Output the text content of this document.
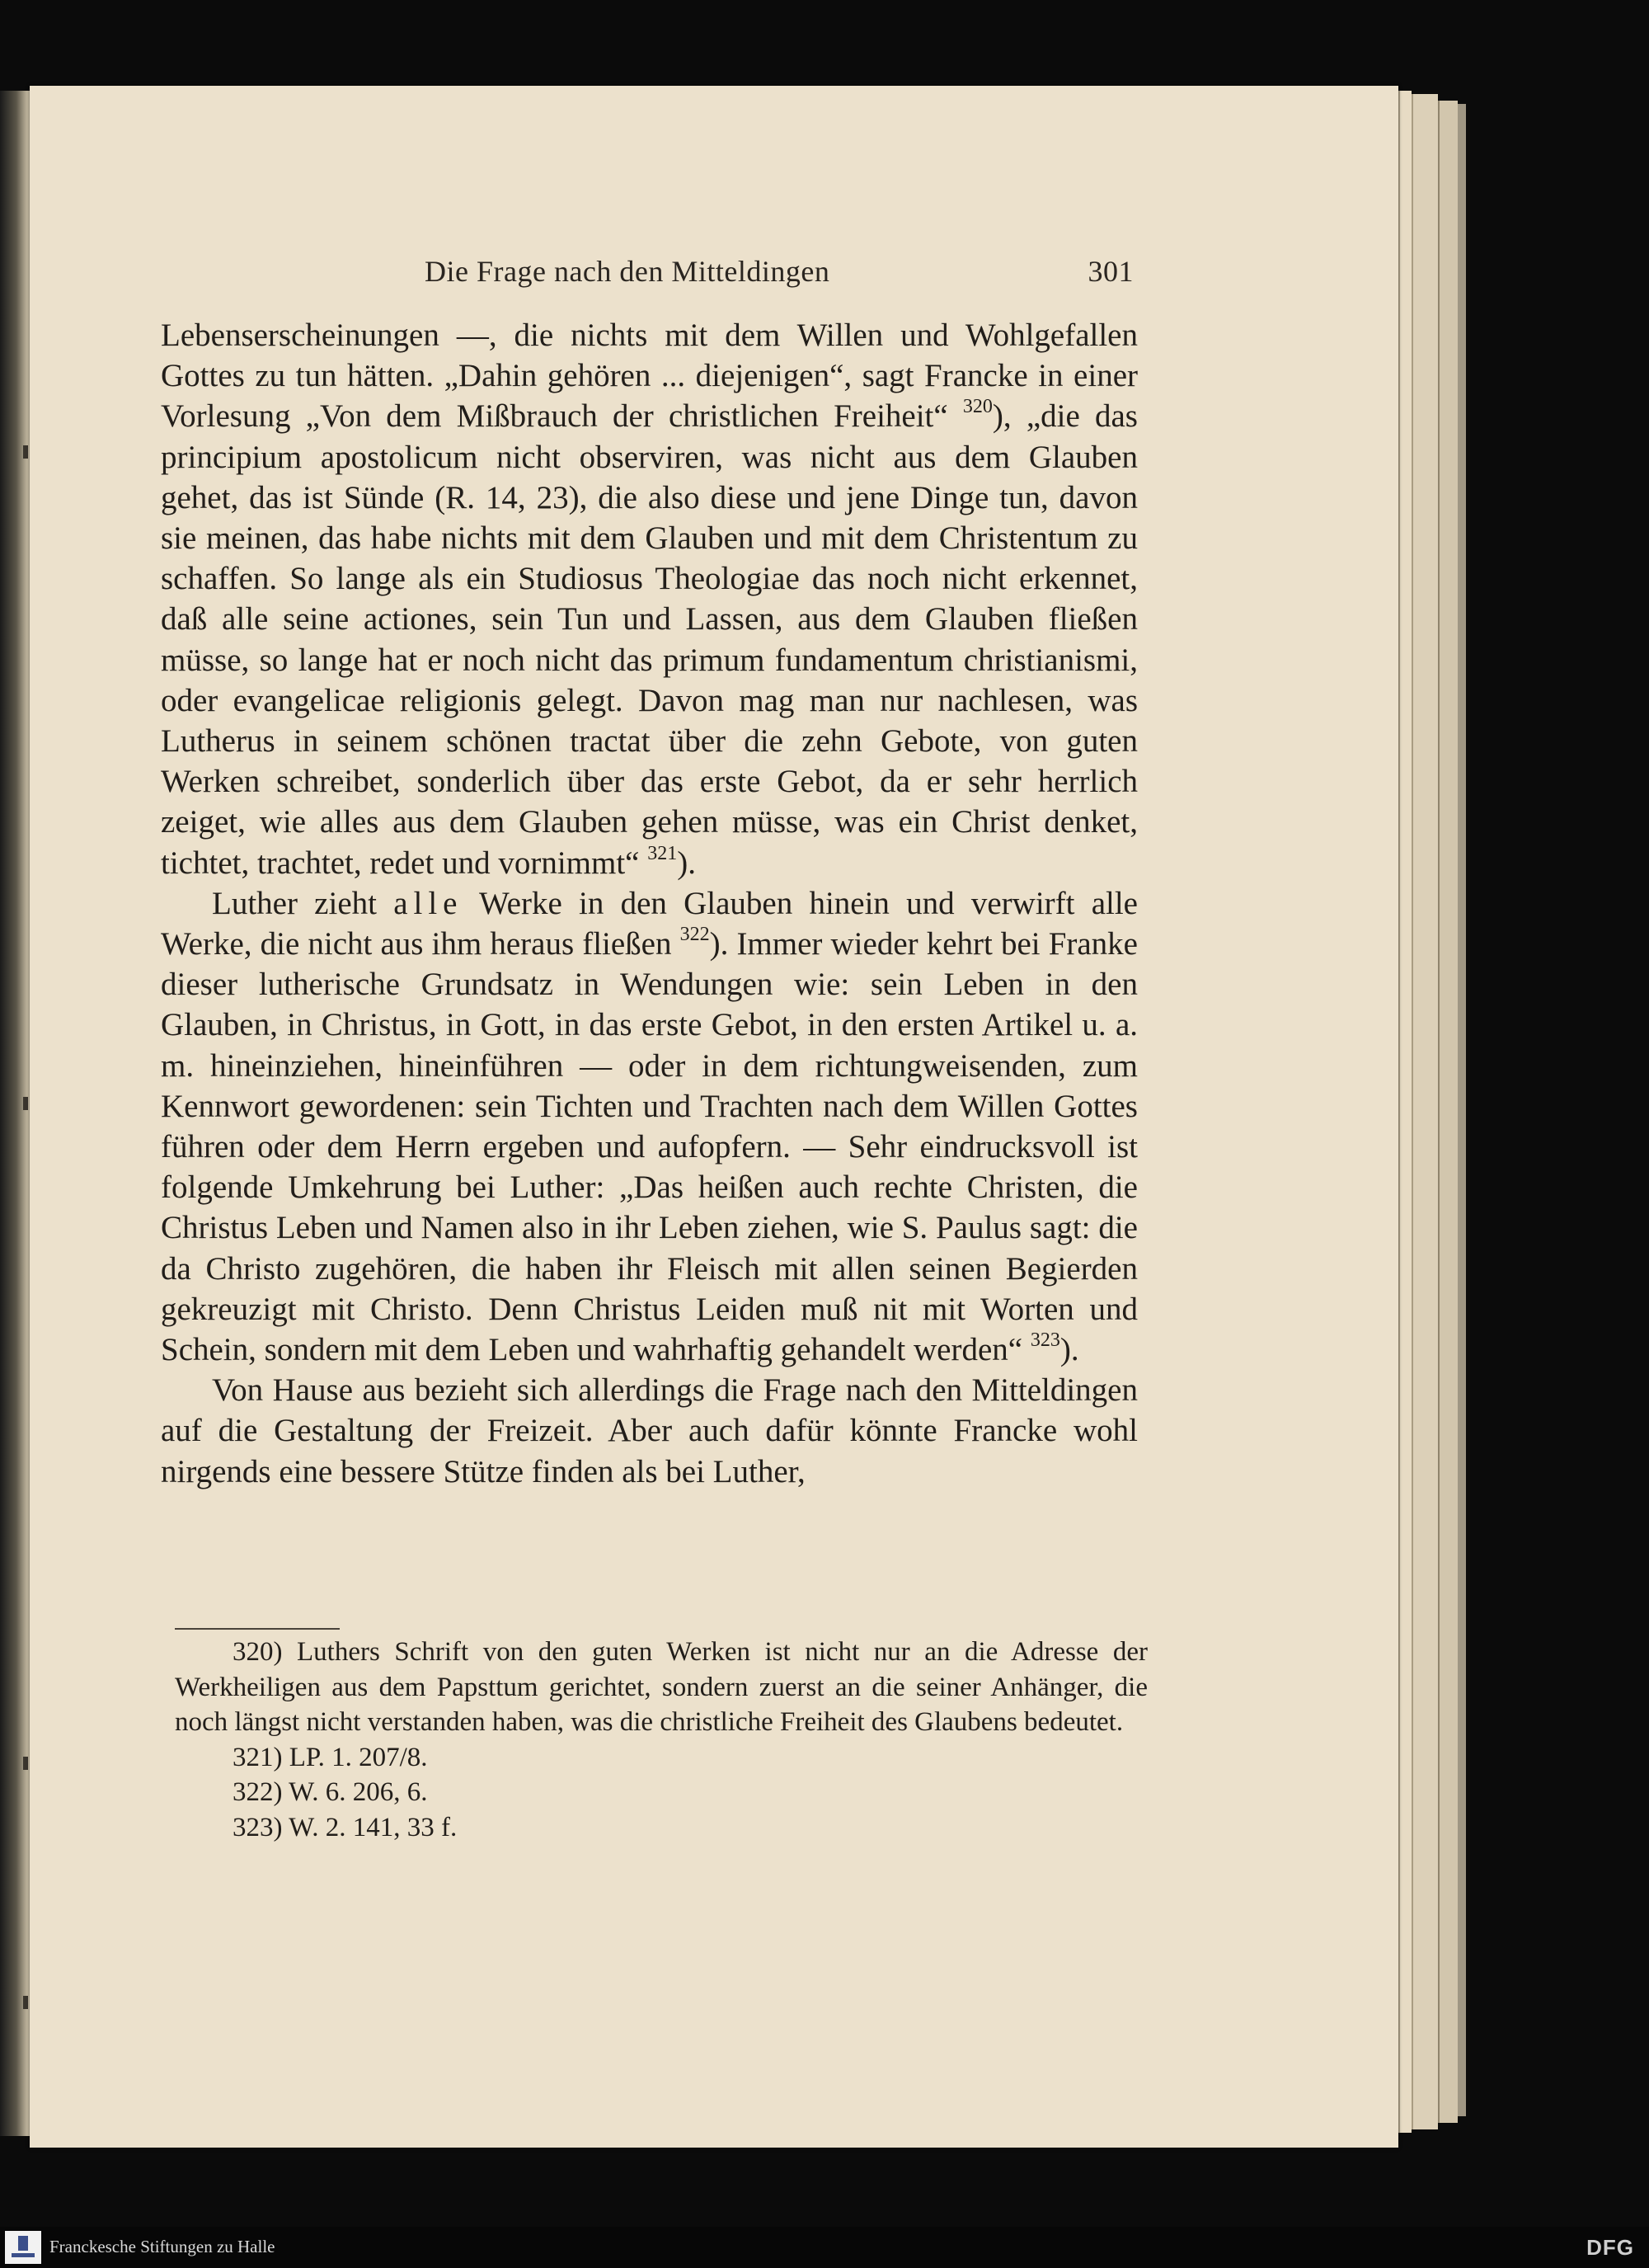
Die Frage nach den Mitteldingen	301

Lebenserscheinungen —, die nichts mit dem Willen und Wohlgefallen Gottes zu tun hätten. „Dahin gehören ... diejenigen“, sagt Francke in einer Vorlesung „Von dem Mißbrauch der christlichen Freiheit“ $^{320}$), „die das principium apostolicum nicht observiren, was nicht aus dem Glauben gehet, das ist Sünde (R. 14, 23), die also diese und jene Dinge tun, davon sie meinen, das habe nichts mit dem Glauben und mit dem Christentum zu schaffen. So lange als ein Studiosus Theologiae das noch nicht erkennet, daß alle seine actiones, sein Tun und Lassen, aus dem Glauben fließen müsse, so lange hat er noch nicht das primum fundamentum christianismi, oder evangelicae religionis gelegt. Davon mag man nur nachlesen, was Lutherus in seinem schönen tractat über die zehn Gebote, von guten Werken schreibet, sonderlich über das erste Gebot, da er sehr herrlich zeiget, wie alles aus dem Glauben gehen müsse, was ein Christ denket, tichtet, trachtet, redet und vornimmt“ $^{321}$).

Luther zieht alle Werke in den Glauben hinein und verwirft alle Werke, die nicht aus ihm heraus fließen $^{322}$). Immer wieder kehrt bei Franke dieser lutherische Grundsatz in Wendungen wie: sein Leben in den Glauben, in Christus, in Gott, in das erste Gebot, in den ersten Artikel u. a. m. hineinziehen, hineinführen — oder in dem richtungweisenden, zum Kennwort gewordenen: sein Tichten und Trachten nach dem Willen Gottes führen oder dem Herrn ergeben und aufopfern. — Sehr eindrucksvoll ist folgende Umkehrung bei Luther: „Das heißen auch rechte Christen, die Christus Leben und Namen also in ihr Leben ziehen, wie S. Paulus sagt: die da Christo zugehören, die haben ihr Fleisch mit allen seinen Begierden gekreuzigt mit Christo. Denn Christus Leiden muß nit mit Worten und Schein, sondern mit dem Leben und wahrhaftig gehandelt werden“ $^{323}$).

Von Hause aus bezieht sich allerdings die Frage nach den Mitteldingen auf die Gestaltung der Freizeit. Aber auch dafür könnte Francke wohl nirgends eine bessere Stütze finden als bei Luther,

320) Luthers Schrift von den guten Werken ist nicht nur an die Adresse der Werkheiligen aus dem Papsttum gerichtet, sondern zuerst an die seiner Anhänger, die noch längst nicht verstanden haben, was die christliche Freiheit des Glaubens bedeutet.

321) LP. 1. 207/8.

322) W. 6. 206, 6.

323) W. 2. 141, 33 f.

Franckesche Stiftungen zu Halle	DFG
